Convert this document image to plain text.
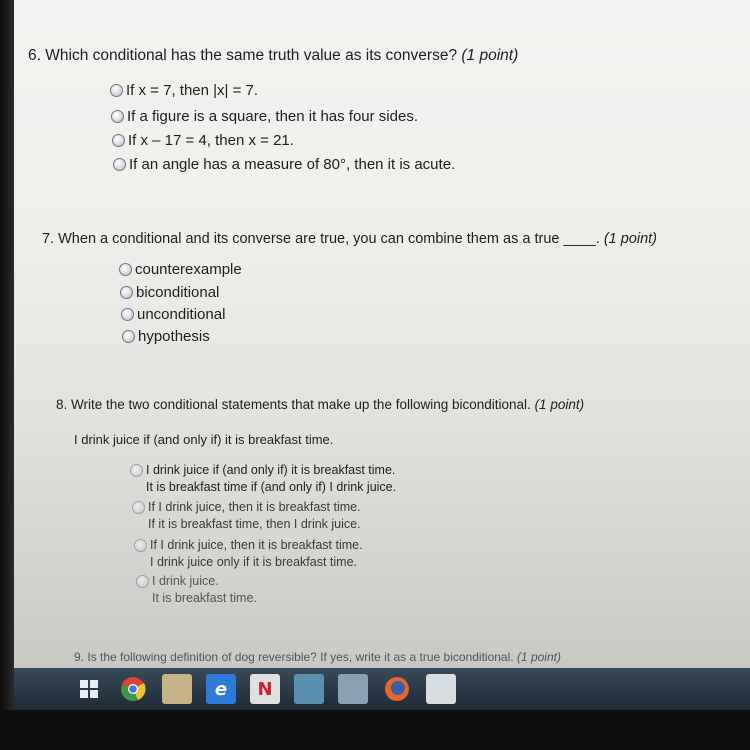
6. Which conditional has the same truth value as its converse? (1 point)
If x = 7, then |x| = 7.
If a figure is a square, then it has four sides.
If x – 17 = 4, then x = 21.
If an angle has a measure of 80°, then it is acute.
7. When a conditional and its converse are true, you can combine them as a true ____. (1 point)
counterexample
biconditional
unconditional
hypothesis
8. Write the two conditional statements that make up the following biconditional. (1 point)
I drink juice if (and only if) it is breakfast time.
I drink juice if (and only if) it is breakfast time.
It is breakfast time if (and only if) I drink juice.
If I drink juice, then it is breakfast time.
If it is breakfast time, then I drink juice.
If I drink juice, then it is breakfast time.
I drink juice only if it is breakfast time.
I drink juice.
It is breakfast time.
9. Is the following definition of dog reversible? If yes, write it as a true biconditional. (1 point)
e	N
